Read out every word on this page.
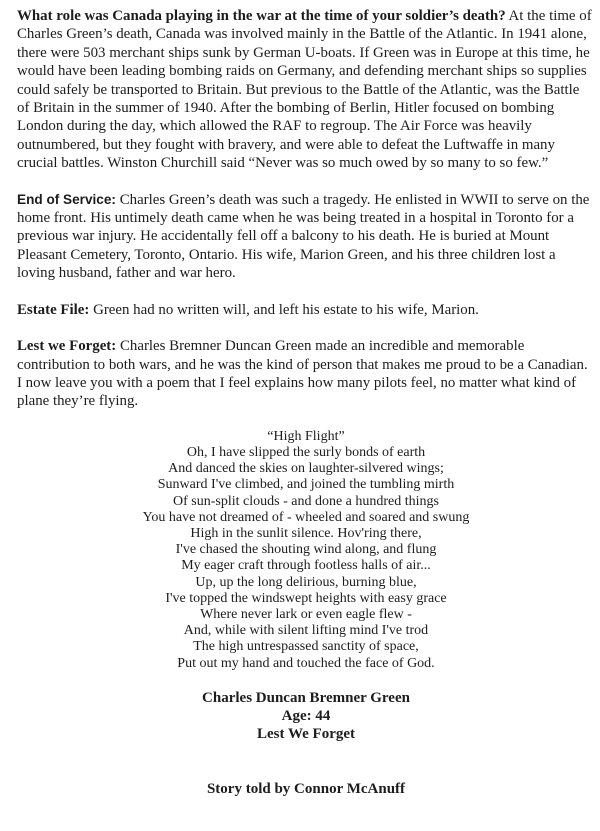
What role was Canada playing in the war at the time of your soldier’s death? At the time of Charles Green’s death, Canada was involved mainly in the Battle of the Atlantic. In 1941 alone, there were 503 merchant ships sunk by German U-boats. If Green was in Europe at this time, he would have been leading bombing raids on Germany, and defending merchant ships so supplies could safely be transported to Britain. But previous to the Battle of the Atlantic, was the Battle of Britain in the summer of 1940. After the bombing of Berlin, Hitler focused on bombing London during the day, which allowed the RAF to regroup. The Air Force was heavily outnumbered, but they fought with bravery, and were able to defeat the Luftwaffe in many crucial battles. Winston Churchill said “Never was so much owed by so many to so few.”

End of Service: Charles Green’s death was such a tragedy. He enlisted in WWII to serve on the home front. His untimely death came when he was being treated in a hospital in Toronto for a previous war injury. He accidentally fell off a balcony to his death. He is buried at Mount Pleasant Cemetery, Toronto, Ontario. His wife, Marion Green, and his three children lost a loving husband, father and war hero.

Estate File: Green had no written will, and left his estate to his wife, Marion.

Lest we Forget: Charles Bremner Duncan Green made an incredible and memorable contribution to both wars, and he was the kind of person that makes me proud to be a Canadian. I now leave you with a poem that I feel explains how many pilots feel, no matter what kind of plane they’re flying.

“High Flight”
Oh, I have slipped the surly bonds of earth
And danced the skies on laughter-silvered wings;
Sunward I've climbed, and joined the tumbling mirth
Of sun-split clouds - and done a hundred things
You have not dreamed of - wheeled and soared and swung
High in the sunlit silence. Hov'ring there,
I've chased the shouting wind along, and flung
My eager craft through footless halls of air...
Up, up the long delirious, burning blue,
I've topped the windswept heights with easy grace
Where never lark or even eagle flew -
And, while with silent lifting mind I've trod
The high untrespassed sanctity of space,
Put out my hand and touched the face of God.
Charles Duncan Bremner Green
Age: 44
Lest We Forget
Story told by Connor McAnuff
